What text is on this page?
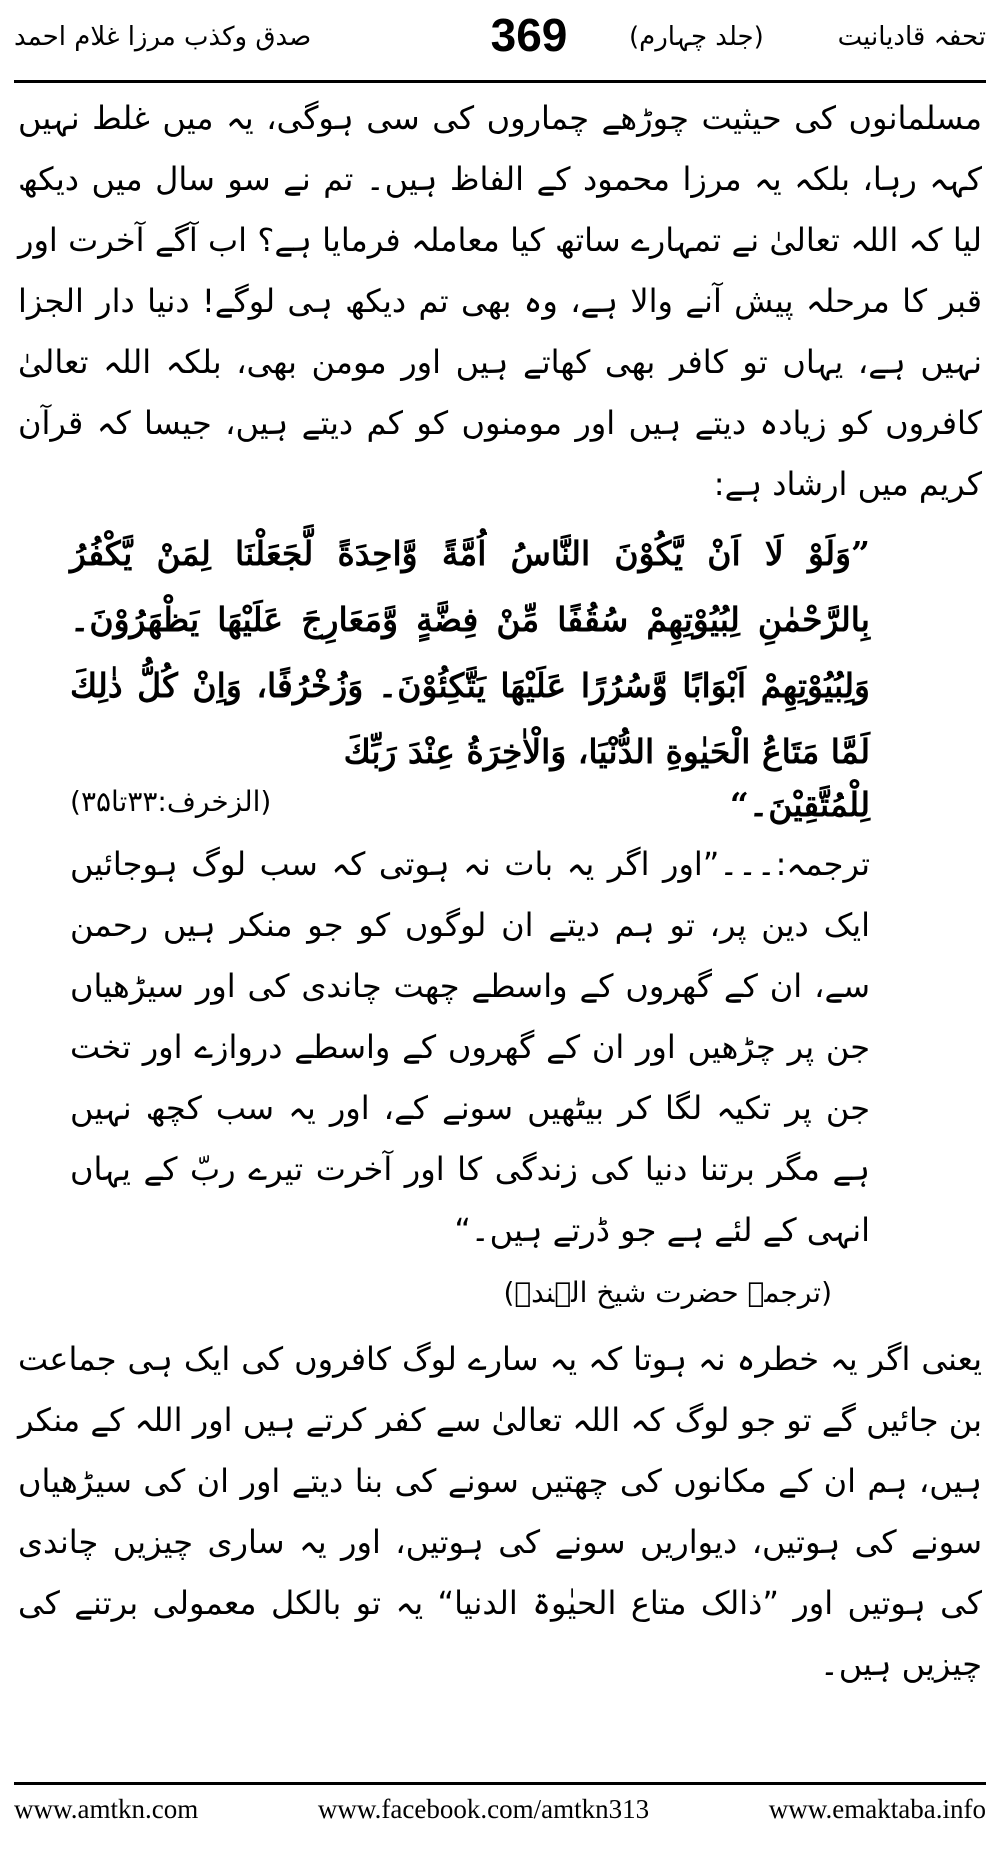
تحفہ قادیانیت
(جلد چہارم)
369
صدق وکذب مرزا غلام احمد

مسلمانوں کی حیثیت چوڑھے چماروں کی سی ہوگی، یہ میں غلط نہیں کہہ رہا، بلکہ یہ مرزا محمود کے الفاظ ہیں۔ تم نے سو سال میں دیکھ لیا کہ اللہ تعالیٰ نے تمہارے ساتھ کیا معاملہ فرمایا ہے؟ اب آگے آخرت اور قبر کا مرحلہ پیش آنے والا ہے، وہ بھی تم دیکھ ہی لوگے! دنیا دار الجزا نہیں ہے، یہاں تو کافر بھی کھاتے ہیں اور مومن بھی، بلکہ اللہ تعالیٰ کافروں کو زیادہ دیتے ہیں اور مومنوں کو کم دیتے ہیں، جیسا کہ قرآن کریم میں ارشاد ہے:

”وَلَوْ لَا اَنْ يَّكُوْنَ النَّاسُ اُمَّةً وَّاحِدَةً لَّجَعَلْنَا لِمَنْ يَّكْفُرُ بِالرَّحْمٰنِ لِبُيُوْتِهِمْ سُقُفًا مِّنْ فِضَّةٍ وَّمَعَارِجَ عَلَيْهَا يَظْهَرُوْنَ۔ وَلِبُيُوْتِهِمْ اَبْوَابًا وَّسُرُرًا عَلَيْهَا يَتَّكِئُوْنَ۔ وَزُخْرُفًا، وَاِنْ كُلُّ ذٰلِكَ لَمَّا مَتَاعُ الْحَيٰوةِ الدُّنْيَا، وَالْاٰخِرَةُ عِنْدَ رَبِّكَ

لِلْمُتَّقِيْنَ۔“
(الزخرف:۳۳تا۳۵)

ترجمہ:۔۔۔”اور اگر یہ بات نہ ہوتی کہ سب لوگ ہوجائیں ایک دین پر، تو ہم دیتے ان لوگوں کو جو منکر ہیں رحمن سے، ان کے گھروں کے واسطے چھت چاندی کی اور سیڑھیاں جن پر چڑھیں اور ان کے گھروں کے واسطے دروازے اور تخت جن پر تکیہ لگا کر بیٹھیں سونے کے، اور یہ سب کچھ نہیں ہے مگر برتنا دنیا کی زندگی کا اور آخرت تیرے ربّ کے یہاں انہی کے لئے ہے جو ڈرتے ہیں۔“

(ترجمہ حضرت شیخ الہندؒ)

یعنی اگر یہ خطرہ نہ ہوتا کہ یہ سارے لوگ کافروں کی ایک ہی جماعت بن جائیں گے تو جو لوگ کہ اللہ تعالیٰ سے کفر کرتے ہیں اور اللہ کے منکر ہیں، ہم ان کے مکانوں کی چھتیں سونے کی بنا دیتے اور ان کی سیڑھیاں سونے کی ہوتیں، دیواریں سونے کی ہوتیں، اور یہ ساری چیزیں چاندی کی ہوتیں اور ”ذالک متاع الحیٰوۃ الدنیا“ یہ تو بالکل معمولی برتنے کی چیزیں ہیں۔

www.amtkn.com	www.facebook.com/amtkn313	www.emaktaba.info
